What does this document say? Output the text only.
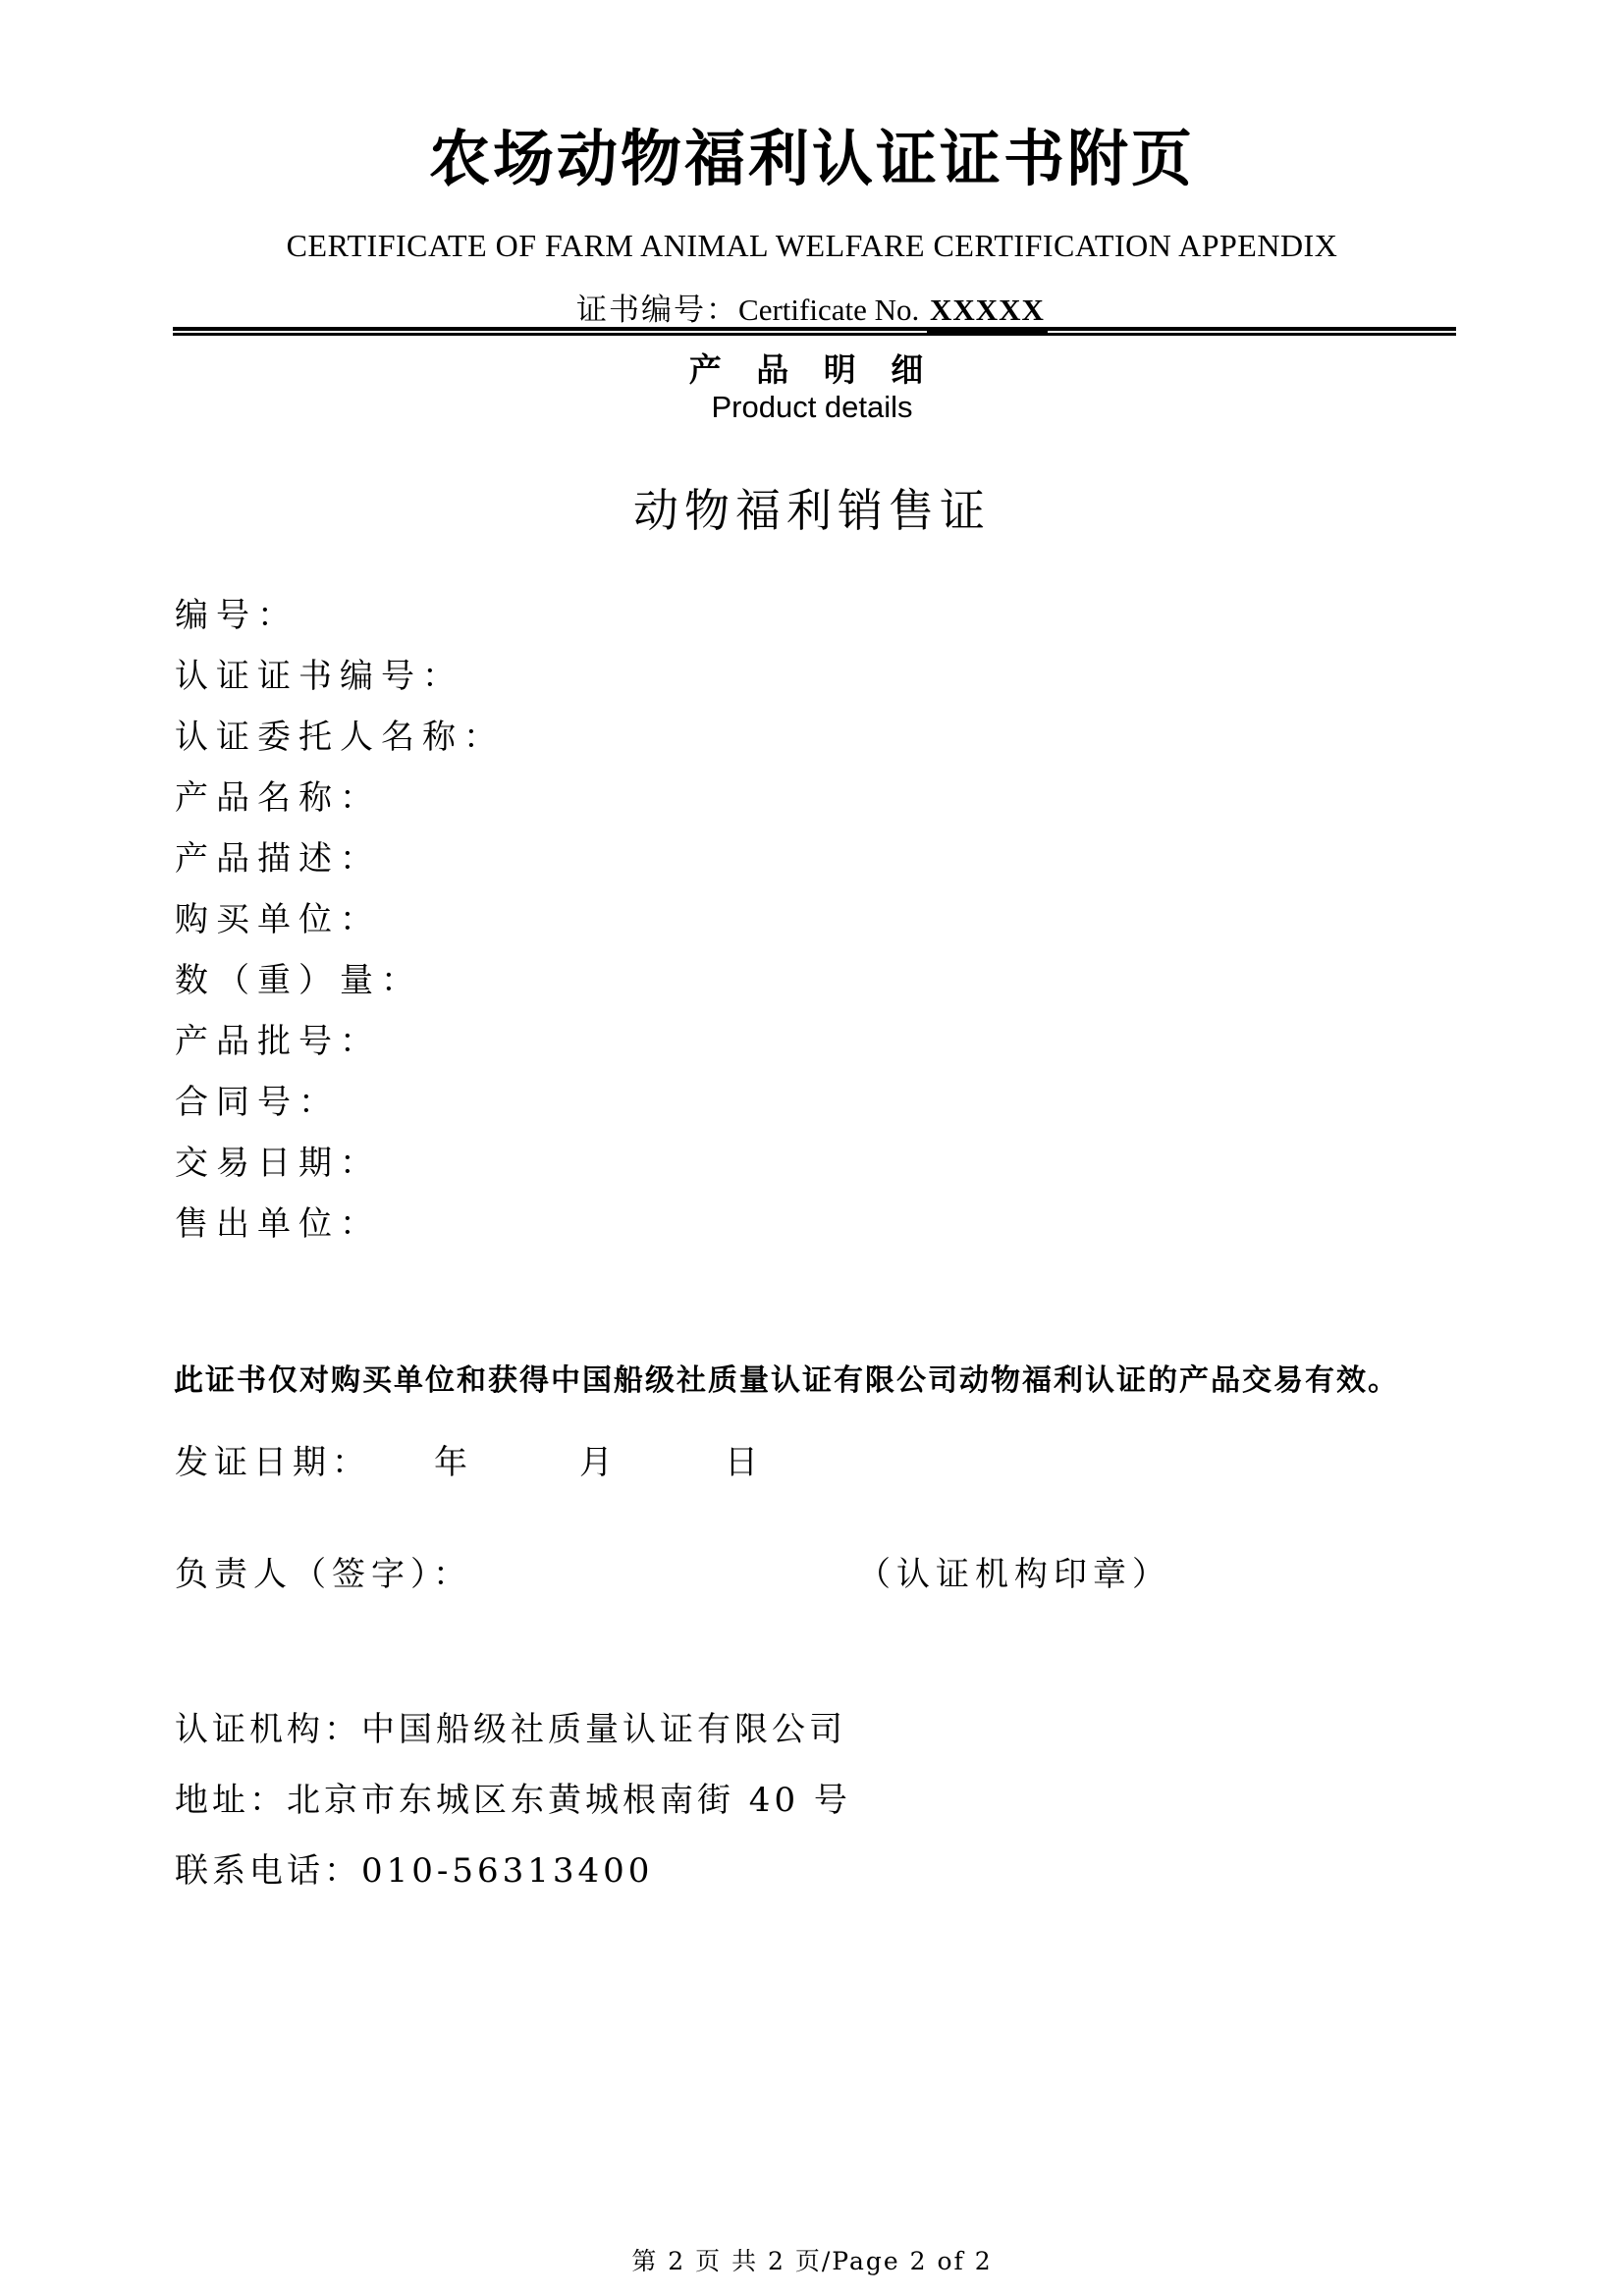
农场动物福利认证证书附页
CERTIFICATE OF FARM ANIMAL WELFARE CERTIFICATION APPENDIX
证书编号：Certificate No. XXXXX
产 品 明 细
Product details
动物福利销售证
编号：
认证证书编号：
认证委托人名称：
产品名称：
产品描述：
购买单位：
数（重）量：
产品批号：
合同号：
交易日期：
售出单位：
此证书仅对购买单位和获得中国船级社质量认证有限公司动物福利认证的产品交易有效。
发证日期： 年	月	日
负责人（签字）：	（认证机构印章）
认证机构：中国船级社质量认证有限公司
地址：北京市东城区东黄城根南街 40 号
联系电话：010-56313400
第 2 页 共 2 页/Page 2 of 2
